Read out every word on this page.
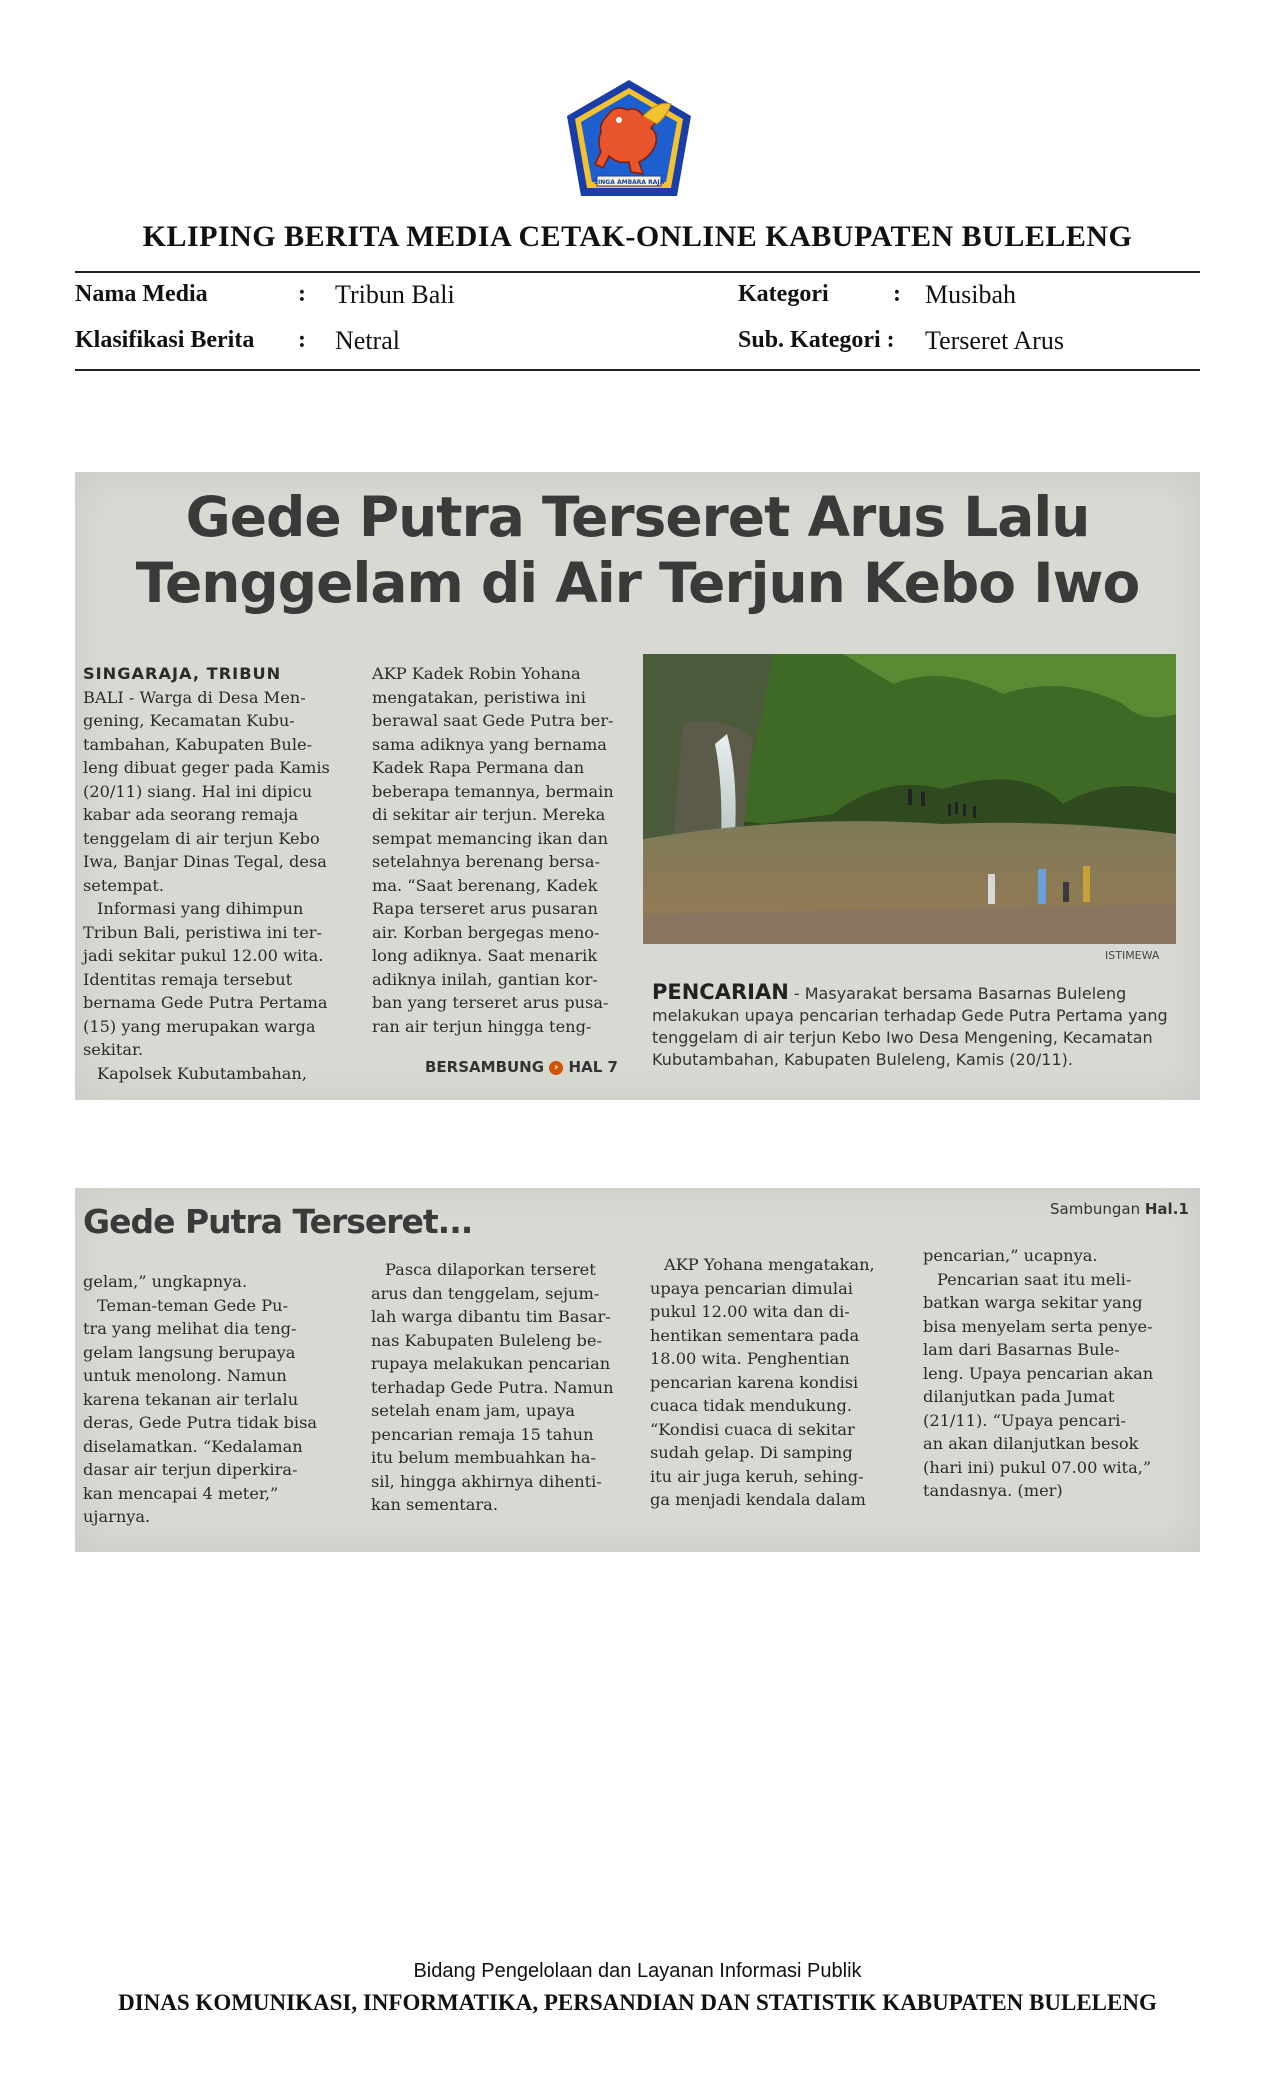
SINGA AMBARA RAJA
KLIPING BERITA MEDIA CETAK-ONLINE KABUPATEN BULELENG
Nama Media	: Tribun Bali	Kategori	: Musibah
Klasifikasi Berita : Netral	Sub. Kategori : Terseret Arus
Gede Putra Terseret Arus Lalu
Tenggelam di Air Terjun Kebo Iwo
SINGARAJA, TRIBUN
BALI - Warga di Desa Men-
gening, Kecamatan Kubu-
tambahan, Kabupaten Bule-
leng dibuat geger pada Kamis
(20/11) siang. Hal ini dipicu
kabar ada seorang remaja
tenggelam di air terjun Kebo
Iwa, Banjar Dinas Tegal, desa
setempat.
Informasi yang dihimpun
Tribun Bali, peristiwa ini ter-
jadi sekitar pukul 12.00 wita.
Identitas remaja tersebut
bernama Gede Putra Pertama
(15) yang merupakan warga
sekitar.
Kapolsek Kubutambahan,
AKP Kadek Robin Yohana
mengatakan, peristiwa ini
berawal saat Gede Putra ber-
sama adiknya yang bernama
Kadek Rapa Permana dan
beberapa temannya, bermain
di sekitar air terjun. Mereka
sempat memancing ikan dan
setelahnya berenang bersa-
ma. “Saat berenang, Kadek
Rapa terseret arus pusaran
air. Korban bergegas meno-
long adiknya. Saat menarik
adiknya inilah, gantian kor-
ban yang terseret arus pusa-
ran air terjun hingga teng-
BERSAMBUNG › HAL 7
ISTIMEWA
PENCARIAN - Masyarakat bersama Basarnas Buleleng
melakukan upaya pencarian terhadap Gede Putra Pertama yang
tenggelam di air terjun Kebo Iwo Desa Mengening, Kecamatan
Kubutambahan, Kabupaten Buleleng, Kamis (20/11).
Gede Putra Terseret...	Sambungan Hal.1
gelam,” ungkapnya.
Teman-teman Gede Pu-
tra yang melihat dia teng-
gelam langsung berupaya
untuk menolong. Namun
karena tekanan air terlalu
deras, Gede Putra tidak bisa
diselamatkan. “Kedalaman
dasar air terjun diperkira-
kan mencapai 4 meter,”
ujarnya.
Pasca dilaporkan terseret
arus dan tenggelam, sejum-
lah warga dibantu tim Basar-
nas Kabupaten Buleleng be-
rupaya melakukan pencarian
terhadap Gede Putra. Namun
setelah enam jam, upaya
pencarian remaja 15 tahun
itu belum membuahkan ha-
sil, hingga akhirnya dihenti-
kan sementara.
AKP Yohana mengatakan,
upaya pencarian dimulai
pukul 12.00 wita dan di-
hentikan sementara pada
18.00 wita. Penghentian
pencarian karena kondisi
cuaca tidak mendukung.
“Kondisi cuaca di sekitar
sudah gelap. Di samping
itu air juga keruh, sehing-
ga menjadi kendala dalam
pencarian,” ucapnya.
Pencarian saat itu meli-
batkan warga sekitar yang
bisa menyelam serta penye-
lam dari Basarnas Bule-
leng. Upaya pencarian akan
dilanjutkan pada Jumat
(21/11). “Upaya pencari-
an akan dilanjutkan besok
(hari ini) pukul 07.00 wita,”
tandasnya. (mer)
Bidang Pengelolaan dan Layanan Informasi Publik
DINAS KOMUNIKASI, INFORMATIKA, PERSANDIAN DAN STATISTIK KABUPATEN BULELENG
